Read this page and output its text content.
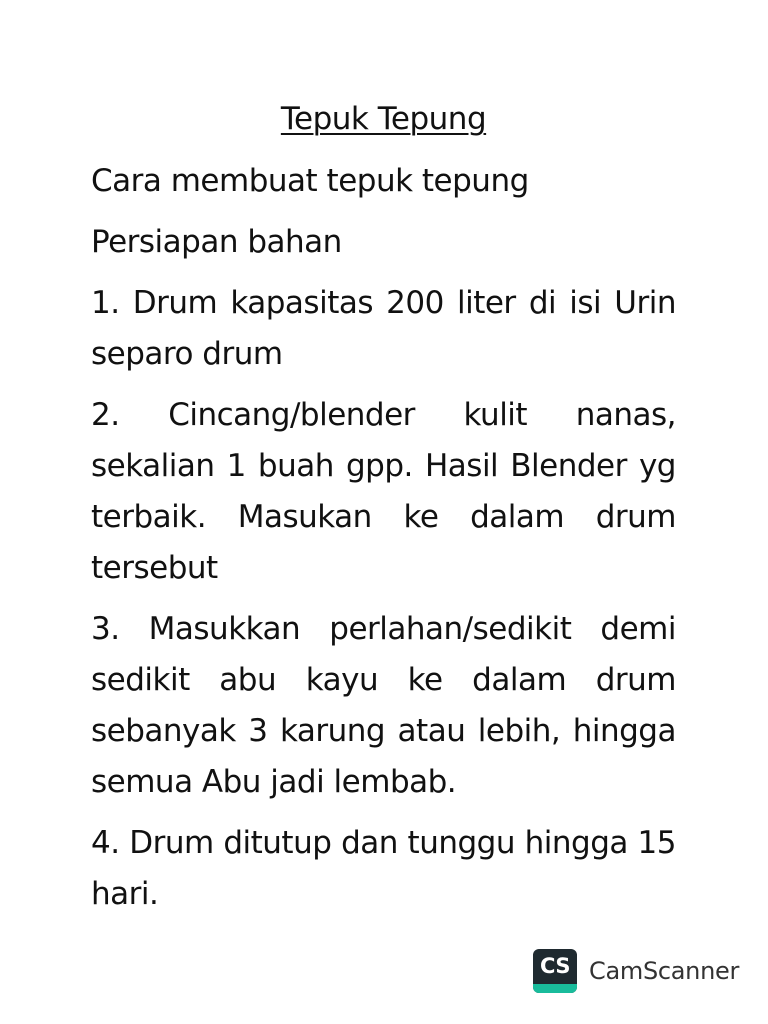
Tepuk Tepung
Cara membuat tepuk tepung
Persiapan bahan
1. Drum kapasitas 200 liter di isi Urin separo drum
2. Cincang/blender kulit nanas, sekalian 1 buah gpp. Hasil Blender yg terbaik. Masukan ke dalam drum tersebut
3. Masukkan perlahan/sedikit demi sedikit abu kayu ke dalam drum sebanyak 3 karung atau lebih, hingga semua Abu jadi lembab.
4. Drum ditutup dan tunggu hingga 15 hari.
CS CamScanner
